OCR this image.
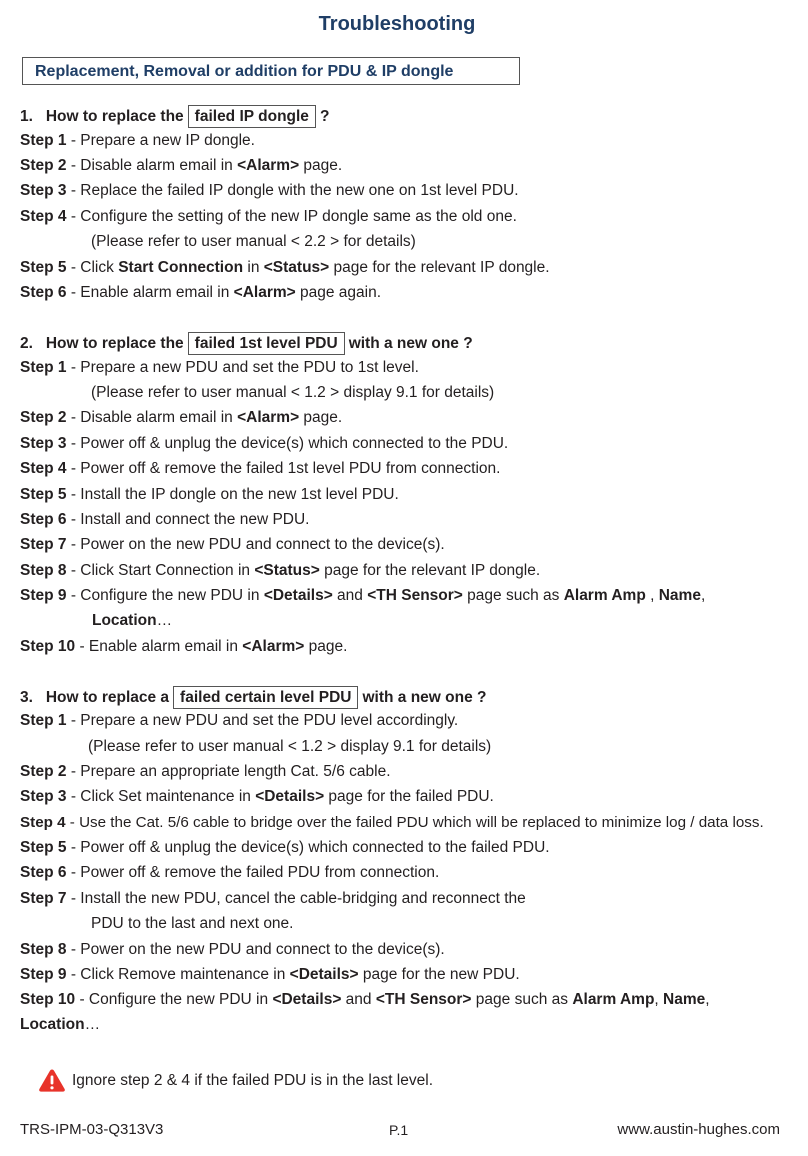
Troubleshooting
Replacement, Removal or addition for PDU & IP dongle
1. How to replace the failed IP dongle ?
Step 1 - Prepare a new IP dongle.
Step 2 - Disable alarm email in <Alarm> page.
Step 3 - Replace the failed IP dongle with the new one on 1st level PDU.
Step 4 - Configure the setting of the new IP dongle same as the old one.
(Please refer to user manual < 2.2 > for details)
Step 5 - Click Start Connection in <Status> page for the relevant IP dongle.
Step 6 - Enable alarm email in <Alarm> page again.
2. How to replace the failed 1st level PDU with a new one ?
Step 1 - Prepare a new PDU and set the PDU to 1st level.
(Please refer to user manual < 1.2 > display 9.1 for details)
Step 2 - Disable alarm email in <Alarm> page.
Step 3 - Power off & unplug the device(s) which connected to the PDU.
Step 4 - Power off & remove the failed 1st level PDU from connection.
Step 5 - Install the IP dongle on the new 1st level PDU.
Step 6 - Install and connect the new PDU.
Step 7 - Power on the new PDU and connect to the device(s).
Step 8 - Click Start Connection in <Status> page for the relevant IP dongle.
Step 9 - Configure the new PDU in <Details> and <TH Sensor> page such as Alarm Amp , Name,
Location…
Step 10 - Enable alarm email in <Alarm> page.
3. How to replace a failed certain level PDU with a new one ?
Step 1 - Prepare a new PDU and set the PDU level accordingly.
(Please refer to user manual < 1.2 > display 9.1 for details)
Step 2 - Prepare an appropriate length Cat. 5/6 cable.
Step 3 - Click Set maintenance in <Details> page for the failed PDU.
Step 4 - Use the Cat. 5/6 cable to bridge over the failed PDU which will be replaced to minimize log / data loss.
Step 5 - Power off & unplug the device(s) which connected to the failed PDU.
Step 6 - Power off & remove the failed PDU from connection.
Step 7 - Install the new PDU, cancel the cable-bridging and reconnect the
PDU to the last and next one.
Step 8 - Power on the new PDU and connect to the device(s).
Step 9 - Click Remove maintenance in <Details> page for the new PDU.
Step 10 - Configure the new PDU in <Details> and <TH Sensor> page such as Alarm Amp, Name,
Location…
Ignore step 2 & 4 if the failed PDU is in the last level.
TRS-IPM-03-Q313V3	P.1	www.austin-hughes.com
